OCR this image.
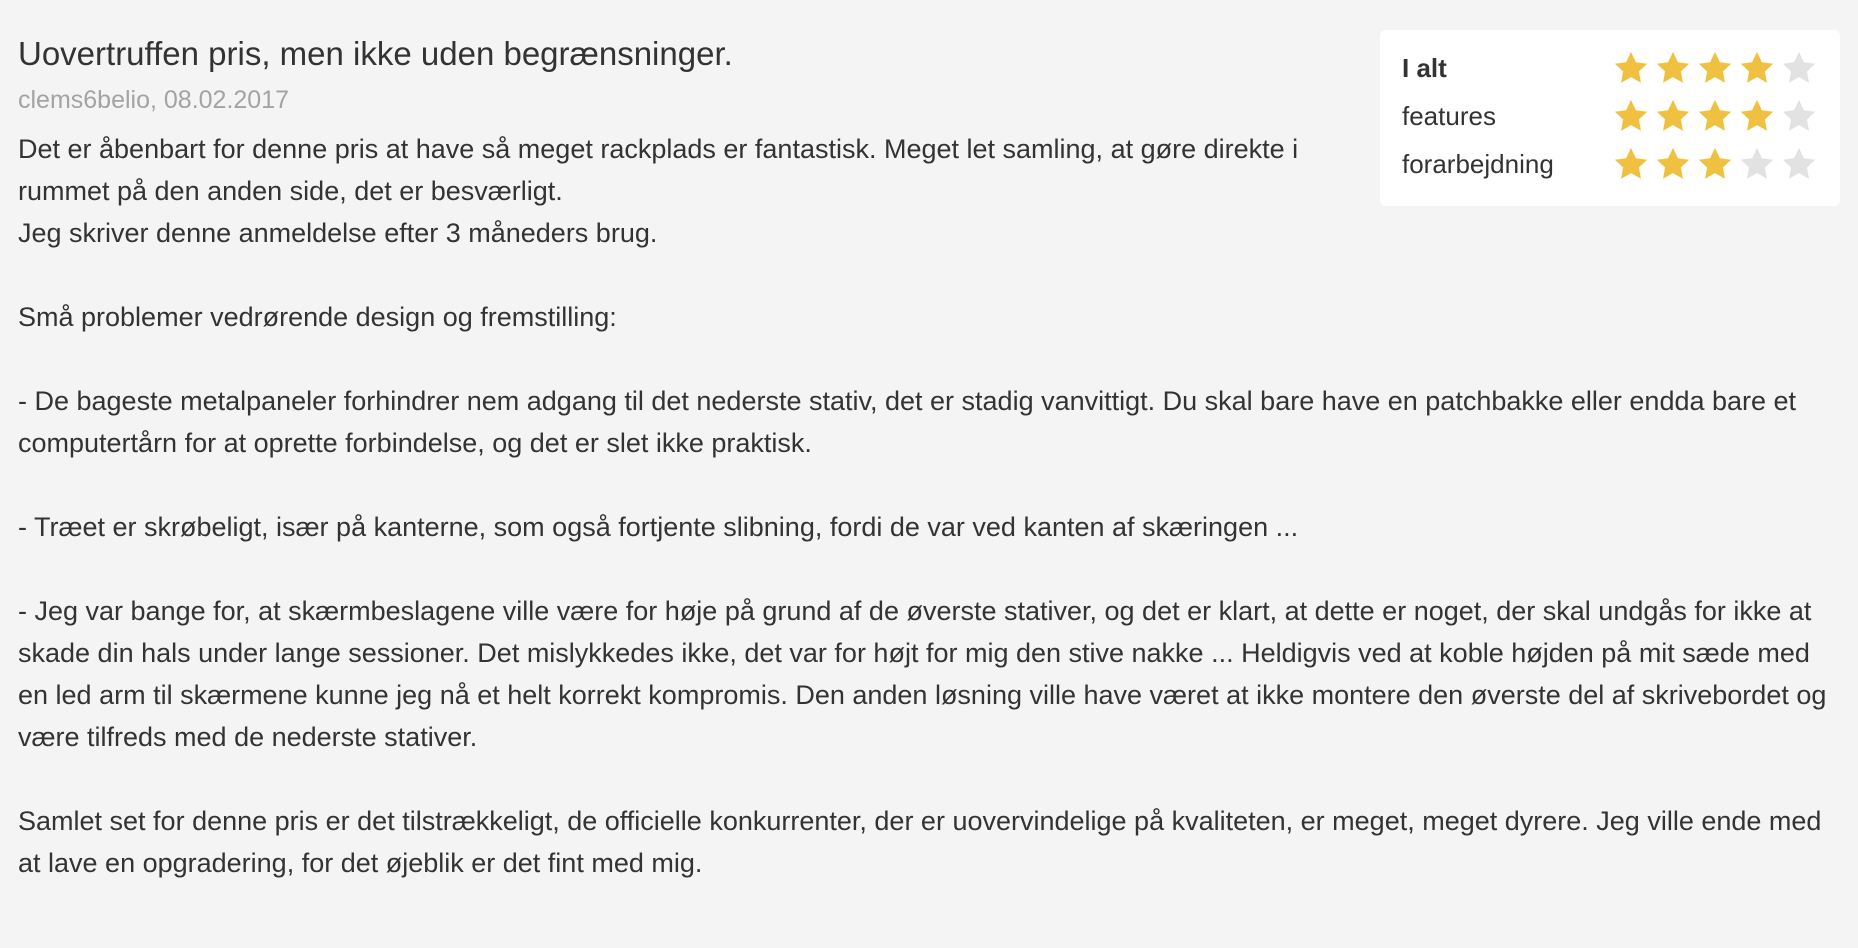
Uovertruffen pris, men ikke uden begrænsninger.
clems6belio, 08.02.2017

Det er åbenbart for denne pris at have så meget rackplads er fantastisk. Meget let samling, at gøre direkte i rummet på den anden side, det er besværligt.

Jeg skriver denne anmeldelse efter 3 måneders brug.

Små problemer vedrørende design og fremstilling:

- De bageste metalpaneler forhindrer nem adgang til det nederste stativ, det er stadig vanvittigt. Du skal bare have en patchbakke eller endda bare et computertårn for at oprette forbindelse, og det er slet ikke praktisk.

- Træet er skrøbeligt, især på kanterne, som også fortjente slibning, fordi de var ved kanten af skæringen ...

- Jeg var bange for, at skærmbeslagene ville være for høje på grund af de øverste stativer, og det er klart, at dette er noget, der skal undgås for ikke at skade din hals under lange sessioner. Det mislykkedes ikke, det var for højt for mig den stive nakke ... Heldigvis ved at koble højden på mit sæde med en led arm til skærmene kunne jeg nå et helt korrekt kompromis. Den anden løsning ville have været at ikke montere den øverste del af skrivebordet og være tilfreds med de nederste stativer.

Samlet set for denne pris er det tilstrækkeligt, de officielle konkurrenter, der er uovervindelige på kvaliteten, er meget, meget dyrere. Jeg ville ende med at lave en opgradering, for det øjeblik er det fint med mig.

I alt
features
forarbejdning
